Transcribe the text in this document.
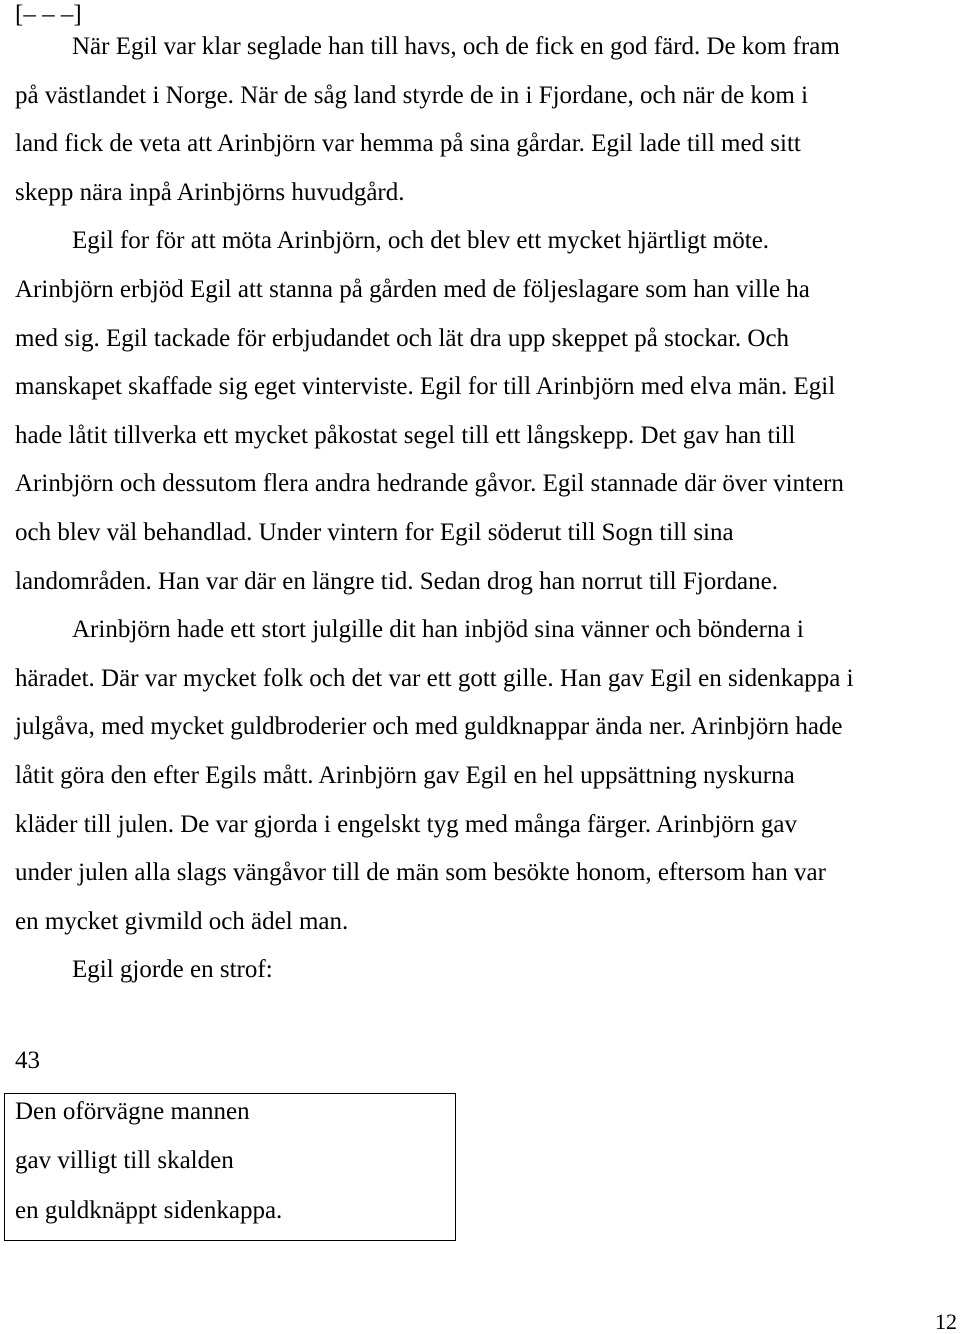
[– – –]

När Egil var klar seglade han till havs, och de fick en god färd. De kom fram
på västlandet i Norge. När de såg land styrde de in i Fjordane, och när de kom i
land fick de veta att Arinbjörn var hemma på sina gårdar. Egil lade till med sitt
skepp nära inpå Arinbjörns huvudgård.

Egil for för att möta Arinbjörn, och det blev ett mycket hjärtligt möte.
Arinbjörn erbjöd Egil att stanna på gården med de följeslagare som han ville ha
med sig. Egil tackade för erbjudandet och lät dra upp skeppet på stockar. Och
manskapet skaffade sig eget vinterviste. Egil for till Arinbjörn med elva män. Egil
hade låtit tillverka ett mycket påkostat segel till ett långskepp. Det gav han till
Arinbjörn och dessutom flera andra hedrande gåvor. Egil stannade där över vintern
och blev väl behandlad. Under vintern for Egil söderut till Sogn till sina
landområden. Han var där en längre tid. Sedan drog han norrut till Fjordane.

Arinbjörn hade ett stort julgille dit han inbjöd sina vänner och bönderna i
häradet. Där var mycket folk och det var ett gott gille. Han gav Egil en sidenkappa i
julgåva, med mycket guldbroderier och med guldknappar ända ner. Arinbjörn hade
låtit göra den efter Egils mått. Arinbjörn gav Egil en hel uppsättning nyskurna
kläder till julen. De var gjorda i engelskt tyg med många färger. Arinbjörn gav
under julen alla slags vängåvor till de män som besökte honom, eftersom han var
en mycket givmild och ädel man.

Egil gjorde en strof:

43
Den oförvägne mannen
gav villigt till skalden
en guldknäppt sidenkappa.
12
